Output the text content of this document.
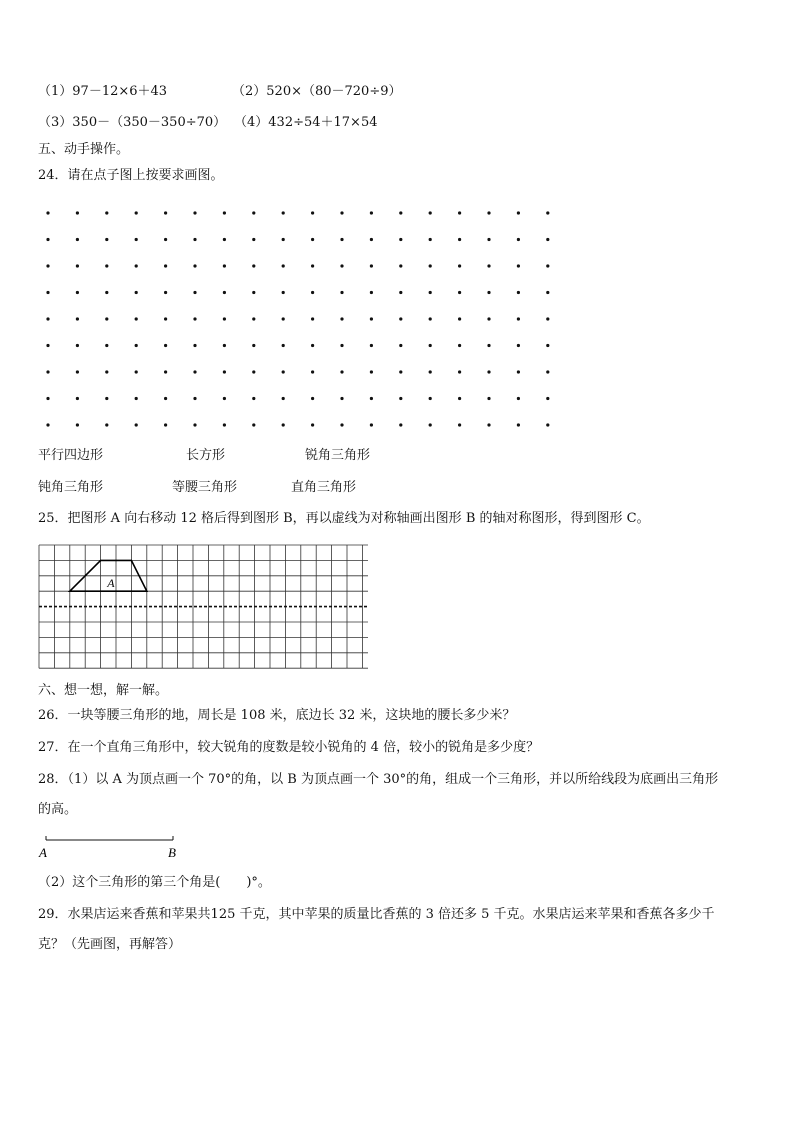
（1）97－12×6＋43	（2）520×（80－720÷9）
（3）350－（350－350÷70） （4）432÷54＋17×54
五、动手操作。
24．请在点子图上按要求画图。
平行四边形	长方形	锐角三角形
钝角三角形	等腰三角形	直角三角形
25．把图形 A 向右移动 12 格后得到图形 B，再以虚线为对称轴画出图形 B 的轴对称图形，得到图形 C。
A
六、想一想，解一解。
26．一块等腰三角形的地，周长是 108 米，底边长 32 米，这块地的腰长多少米？
27．在一个直角三角形中，较大锐角的度数是较小锐角的 4 倍，较小的锐角是多少度？
28．（1）以 A 为顶点画一个 70°的角，以 B 为顶点画一个 30°的角，组成一个三角形，并以所给线段为底画出三角形
的高。
A	B
（2）这个三角形的第三个角是(　　)°。
29．水果店运来香蕉和苹果共125 千克，其中苹果的质量比香蕉的 3 倍还多 5 千克。水果店运来苹果和香蕉各多少千
克？（先画图，再解答）
